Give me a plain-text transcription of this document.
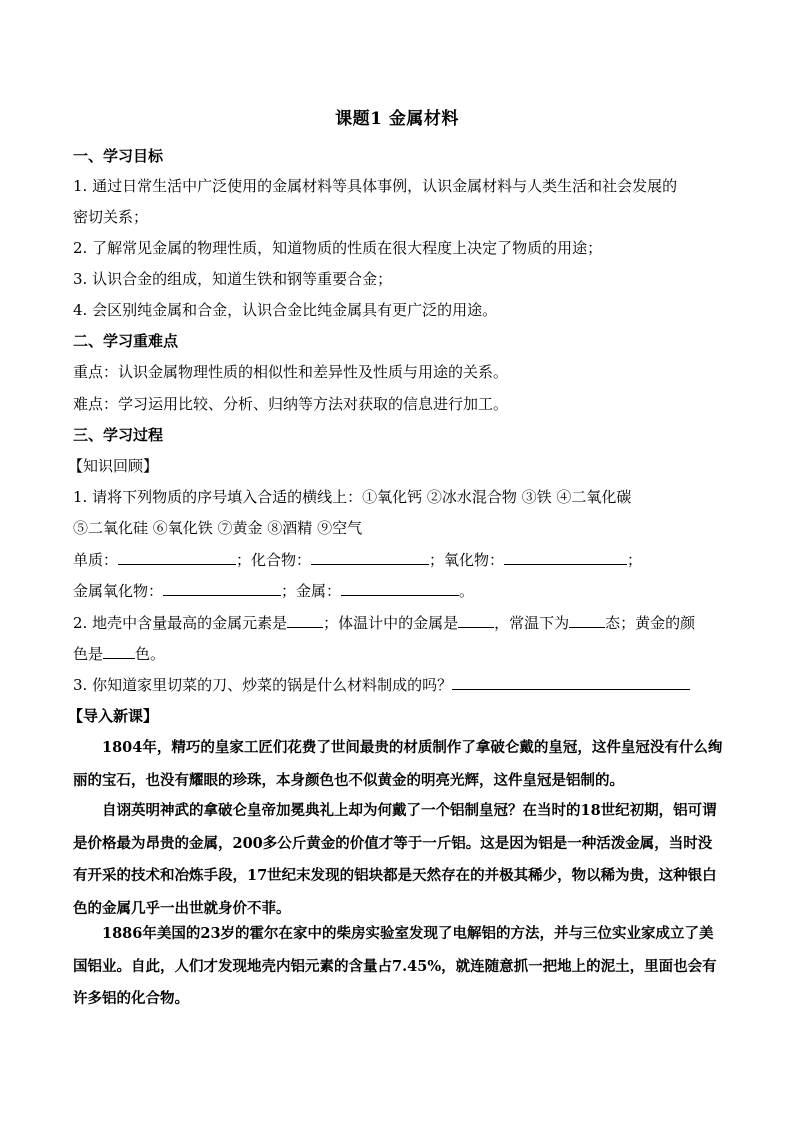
课题1 金属材料
一、学习目标
1. 通过日常生活中广泛使用的金属材料等具体事例，认识金属材料与人类生活和社会发展的
密切关系；
2. 了解常见金属的物理性质，知道物质的性质在很大程度上决定了物质的用途；
3. 认识合金的组成，知道生铁和钢等重要合金；
4. 会区别纯金属和合金，认识合金比纯金属具有更广泛的用途。
二、学习重难点
重点：认识金属物理性质的相似性和差异性及性质与用途的关系。
难点：学习运用比较、分析、归纳等方法对获取的信息进行加工。
三、学习过程
【知识回顾】
1. 请将下列物质的序号填入合适的横线上：①氧化钙 ②冰水混合物 ③铁 ④二氧化碳
⑤二氧化硅 ⑥氧化铁 ⑦黄金 ⑧酒精 ⑨空气
单质：	；化合物：	；氧化物：	；
金属氧化物：	；金属：	。
2. 地壳中含量最高的金属元素是 ；体温计中的金属是 ，常温下为 态；黄金的颜
色是 色。
3. 你知道家里切菜的刀、炒菜的锅是什么材料制成的吗？
【导入新课】
1804年，精巧的皇家工匠们花费了世间最贵的材质制作了拿破仑戴的皇冠，这件皇冠没有什么绚丽的宝石，也没有耀眼的珍珠，本身颜色也不似黄金的明亮光辉，这件皇冠是铝制的。
自诩英明神武的拿破仑皇帝加冕典礼上却为何戴了一个铝制皇冠？在当时的18世纪初期，铝可谓是价格最为昂贵的金属，200多公斤黄金的价值才等于一斤铝。这是因为铝是一种活泼金属，当时没有开采的技术和冶炼手段，17世纪末发现的铝块都是天然存在的并极其稀少，物以稀为贵，这种银白色的金属几乎一出世就身价不菲。
1886年美国的23岁的霍尔在家中的柴房实验室发现了电解铝的方法，并与三位实业家成立了美国铝业。自此，人们才发现地壳内铝元素的含量占7.45%，就连随意抓一把地上的泥土，里面也会有许多铝的化合物。
